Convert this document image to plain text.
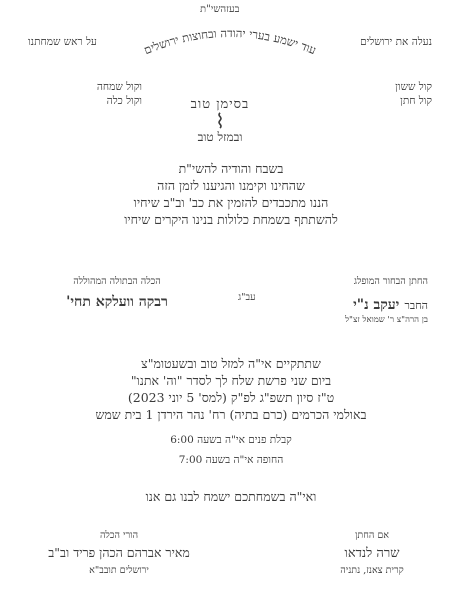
בעזהשי"ת
על ראש שמחתנו	נעלה את ירושלים
עוד ישמע בערי יהודה ובחוצות ירושלים
בסימן טוב
⌇
ובמזל טוב
וקול שמחה
וקול כלה
קול ששון
קול חתן
בשבח והודיה להשי"ת
שהחינו וקימנו והגיענו לזמן הזה
הננו מתכבדים להזמין את כב' וב"ב שיחיו
להשתתף בשמחת כלולות בנינו היקרים שיחיו
החתן הבחור המופלג
החבר יעקב נ"י
בן הרה"צ ר' שמואל זצ"ל
עב"ג
הכלה הבתולה המהוללה
רבקה וועלקא תחי'
שתתקיים אי"ה למזל טוב ובשעטומ"צ
ביום שני פרשת שלח לך לסדר "וה' אתנו"
ט"ז סיון תשפ"ג לפ"ק (למס' 5 יוני 2023)
באולמי הכרמים (כרם בתיה) רח' נהר הירדן 1 בית שמש
קבלת פנים אי"ה בשעה 6:00
החופה אי"ה בשעה 7:00
ואי"ה בשמחתכם ישמח לבנו גם אנו
הורי הכלה
מאיר אברהם הכהן פריד וב"ב
ירושלים תובב"א
אם החתן
שרה לנדאו
קרית צאנז, נתניה
